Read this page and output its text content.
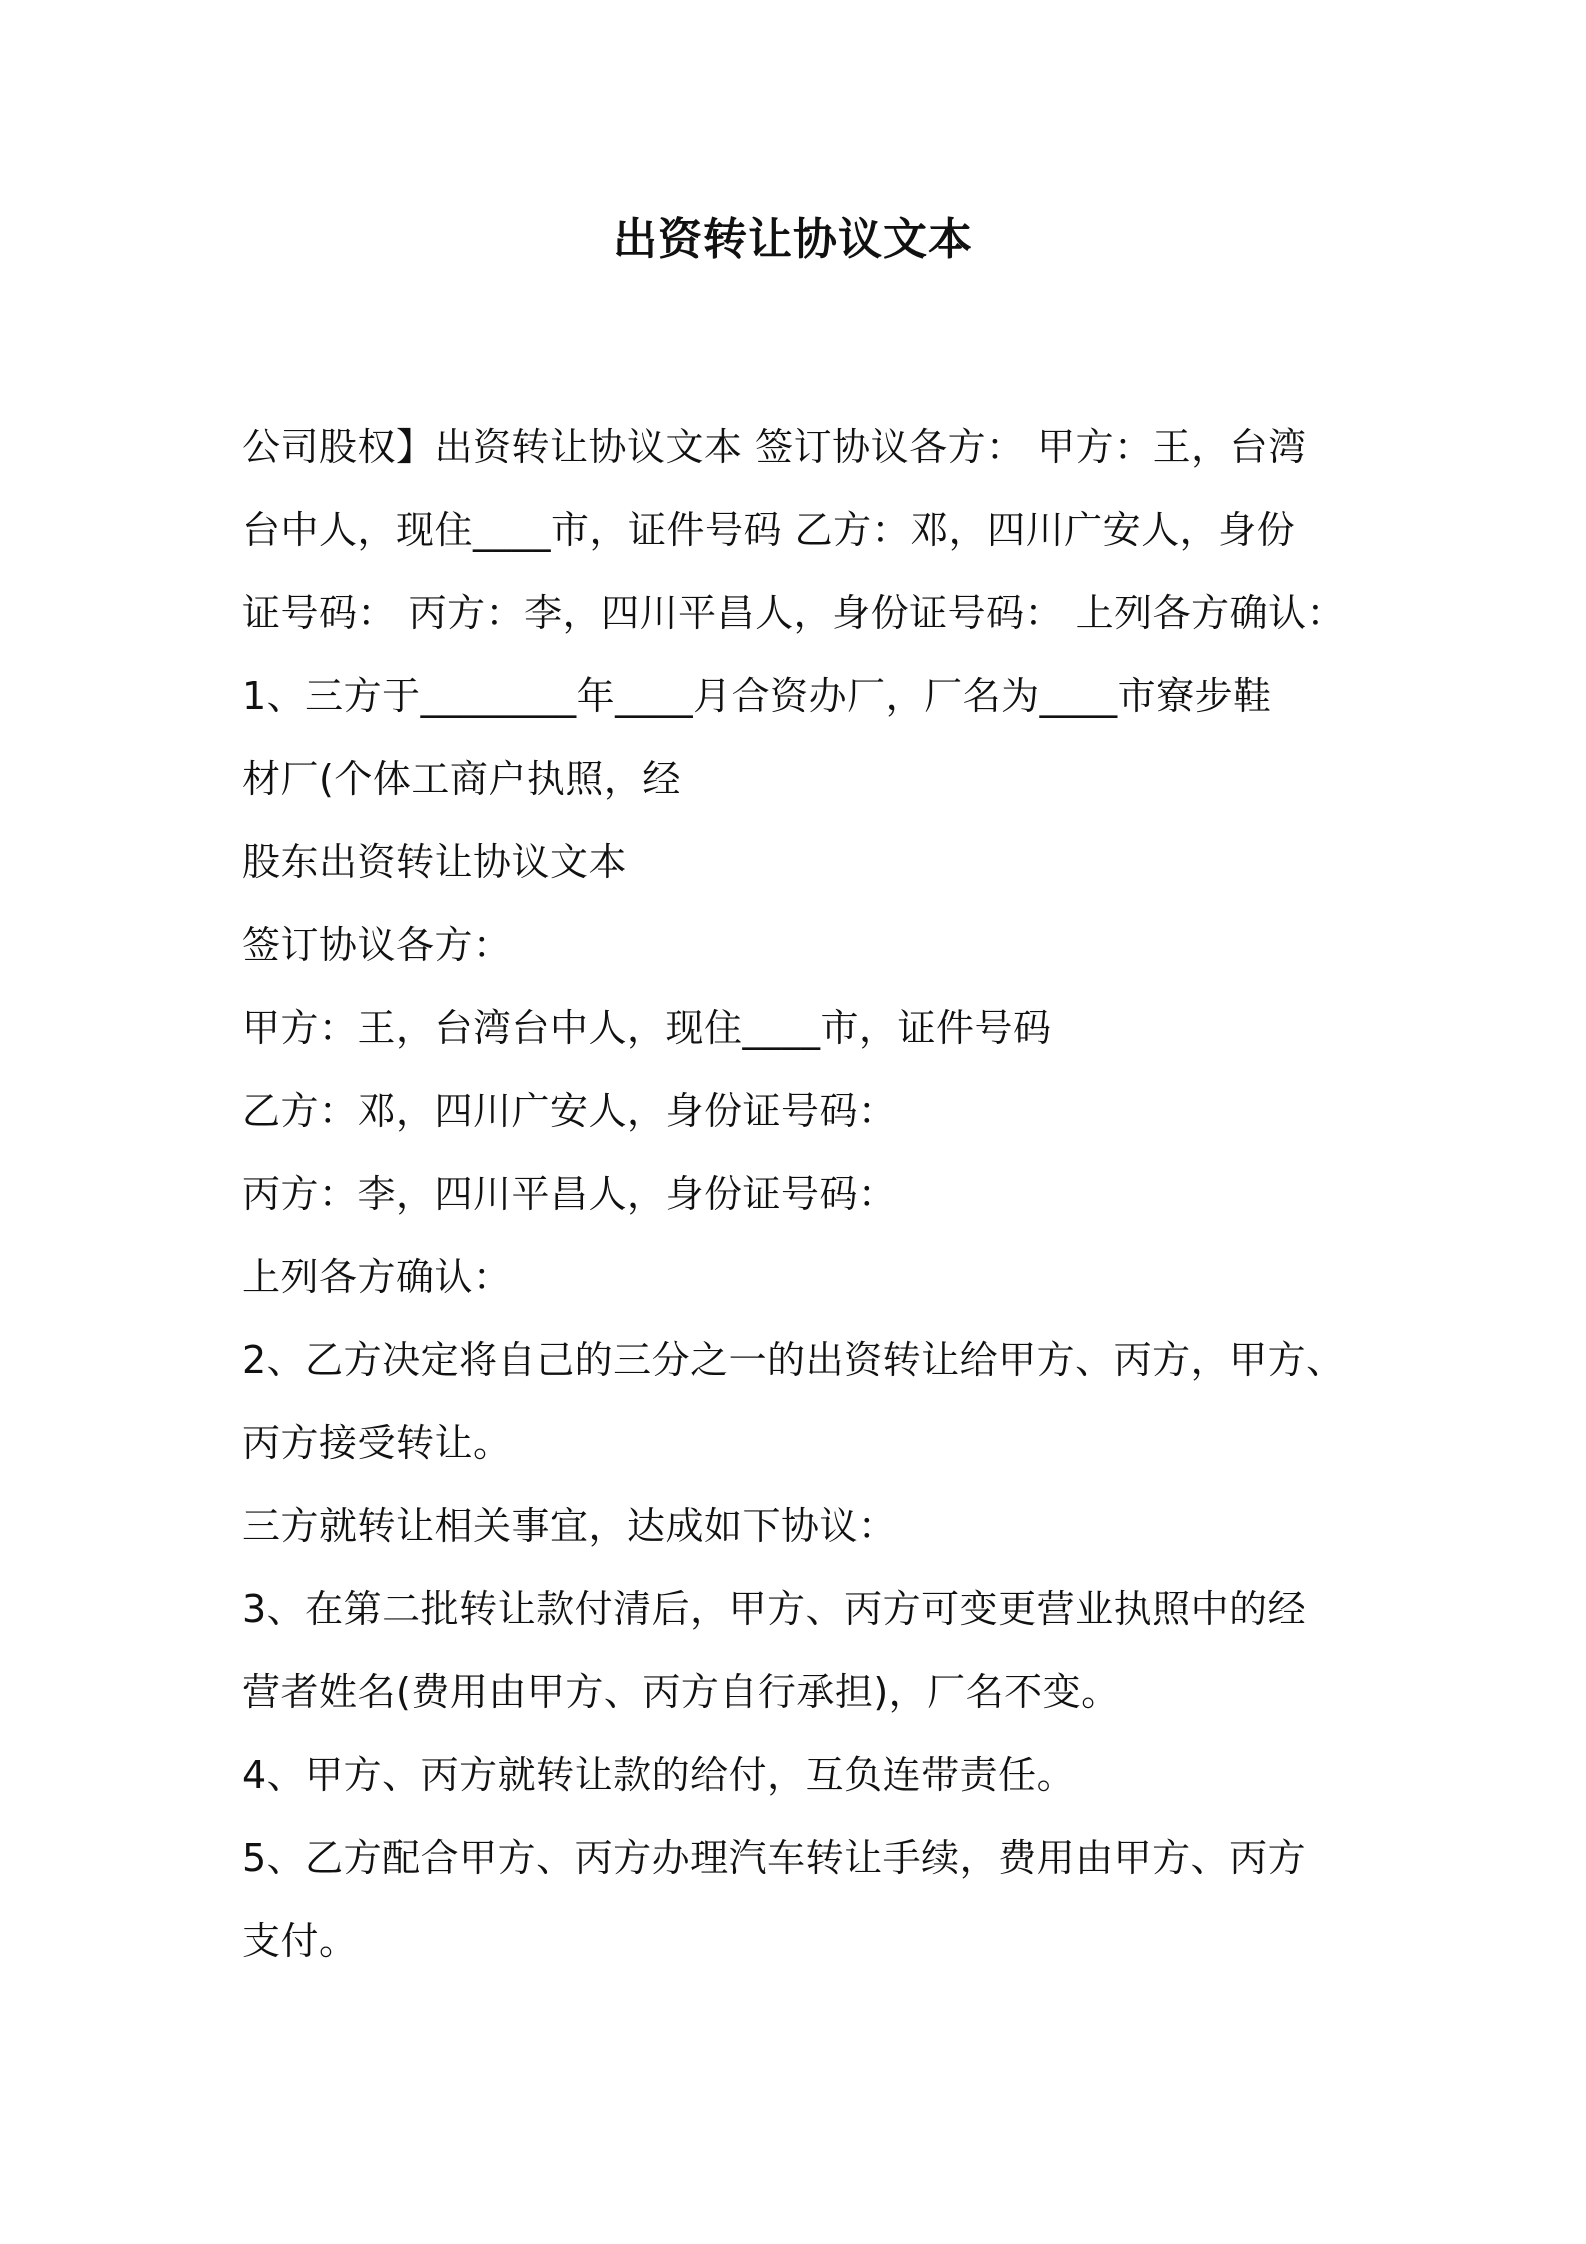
出资转让协议文本
公司股权】出资转让协议文本 签订协议各方： 甲方：王，台湾
台中人，现住____市，证件号码 乙方：邓，四川广安人，身份
证号码： 丙方：李，四川平昌人，身份证号码： 上列各方确认：
1、三方于________年____月合资办厂，厂名为____市寮步鞋
材厂(个体工商户执照，经
股东出资转让协议文本
签订协议各方：
甲方：王，台湾台中人，现住____市，证件号码
乙方：邓，四川广安人，身份证号码：
丙方：李，四川平昌人，身份证号码：
上列各方确认：
2、乙方决定将自己的三分之一的出资转让给甲方、丙方，甲方、
丙方接受转让。
三方就转让相关事宜，达成如下协议：
3、在第二批转让款付清后，甲方、丙方可变更营业执照中的经
营者姓名(费用由甲方、丙方自行承担)，厂名不变。
4、甲方、丙方就转让款的给付，互负连带责任。
5、乙方配合甲方、丙方办理汽车转让手续，费用由甲方、丙方
支付。
